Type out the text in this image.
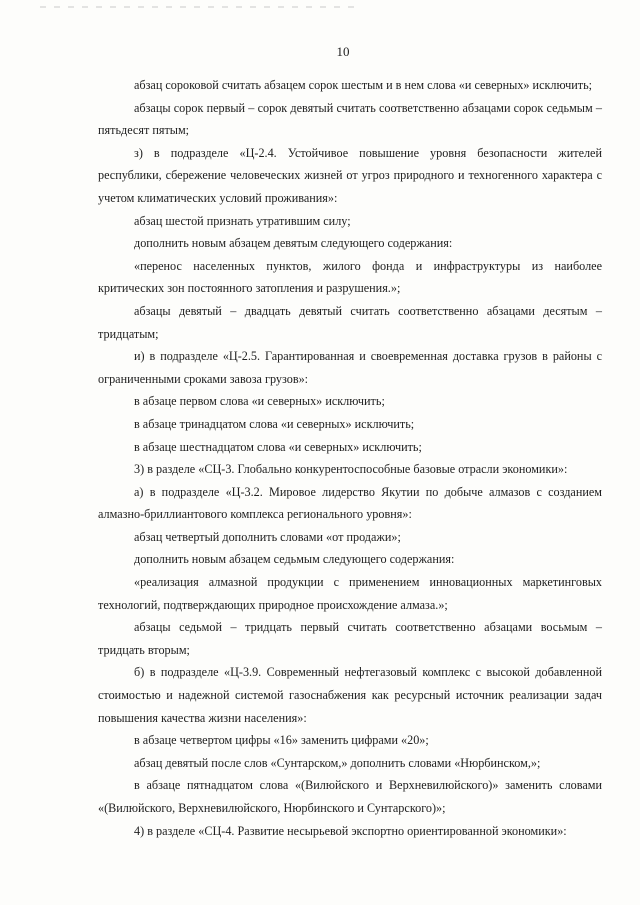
10

абзац сороковой считать абзацем сорок шестым и в нем слова «и северных» исключить;

абзацы сорок первый – сорок девятый считать соответственно абзацами сорок седьмым – пятьдесят пятым;

з) в подразделе «Ц-2.4. Устойчивое повышение уровня безопасности жителей республики, сбережение человеческих жизней от угроз природного и техногенного характера с учетом климатических условий проживания»:

абзац шестой признать утратившим силу;

дополнить новым абзацем девятым следующего содержания:

«перенос населенных пунктов, жилого фонда и инфраструктуры из наиболее критических зон постоянного затопления и разрушения.»;

абзацы девятый – двадцать девятый считать соответственно абзацами десятым – тридцатым;

и) в подразделе «Ц-2.5. Гарантированная и своевременная доставка грузов в районы с ограниченными сроками завоза грузов»:

в абзаце первом слова «и северных» исключить;

в абзаце тринадцатом слова «и северных» исключить;

в абзаце шестнадцатом слова «и северных» исключить;

3) в разделе «СЦ-3. Глобально конкурентоспособные базовые отрасли экономики»:

а) в подразделе «Ц-3.2. Мировое лидерство Якутии по добыче алмазов с созданием алмазно-бриллиантового комплекса регионального уровня»:

абзац четвертый дополнить словами «от продажи»;

дополнить новым абзацем седьмым следующего содержания:

«реализация алмазной продукции с применением инновационных маркетинговых технологий, подтверждающих природное происхождение алмаза.»;

абзацы седьмой – тридцать первый считать соответственно абзацами восьмым – тридцать вторым;

б) в подразделе «Ц-3.9. Современный нефтегазовый комплекс с высокой добавленной стоимостью и надежной системой газоснабжения как ресурсный источник реализации задач повышения качества жизни населения»:

в абзаце четвертом цифры «16» заменить цифрами «20»;

абзац девятый после слов «Сунтарском,» дополнить словами «Нюрбинском,»;

в абзаце пятнадцатом слова «(Вилюйского и Верхневилюйского)» заменить словами «(Вилюйского, Верхневилюйского, Нюрбинского и Сунтарского)»;

4) в разделе «СЦ-4. Развитие несырьевой экспортно ориентированной экономики»:
